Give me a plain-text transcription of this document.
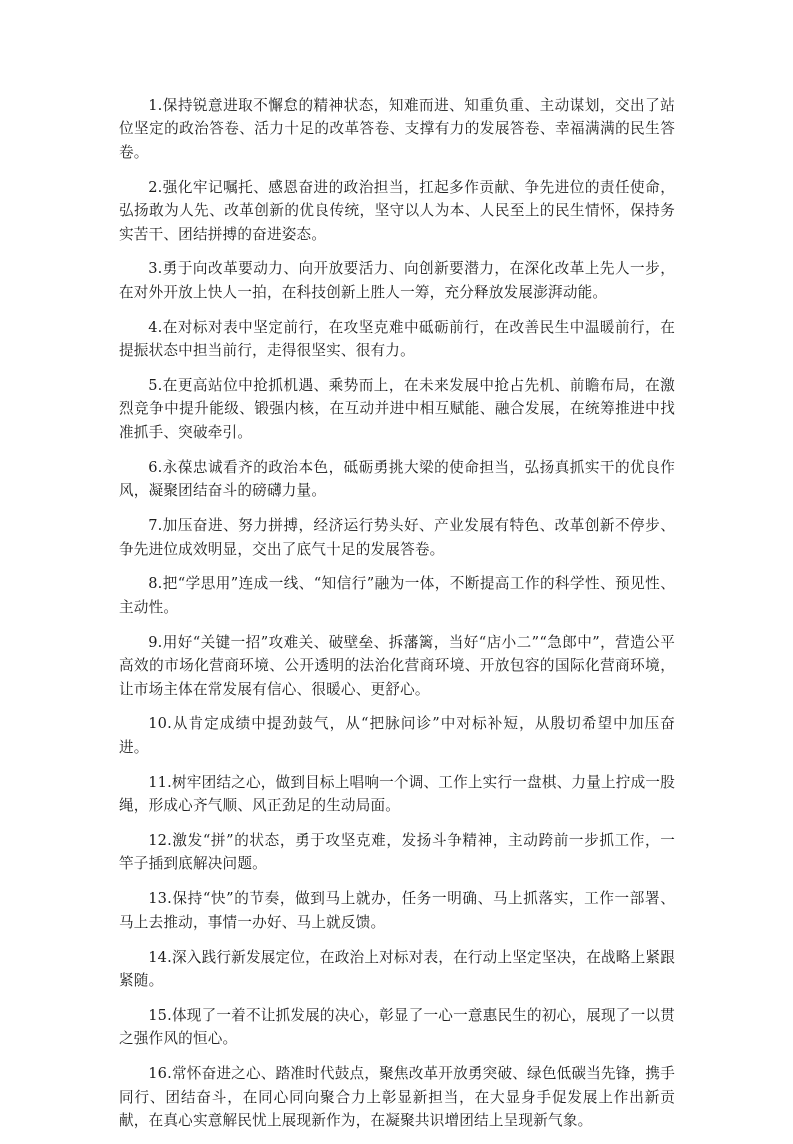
1.保持锐意进取不懈怠的精神状态，知难而进、知重负重、主动谋划，交出了站位坚定的政治答卷、活力十足的改革答卷、支撑有力的发展答卷、幸福满满的民生答卷。

2.强化牢记嘱托、感恩奋进的政治担当，扛起多作贡献、争先进位的责任使命，弘扬敢为人先、改革创新的优良传统，坚守以人为本、人民至上的民生情怀，保持务实苦干、团结拼搏的奋进姿态。

3.勇于向改革要动力、向开放要活力、向创新要潜力，在深化改革上先人一步，在对外开放上快人一拍，在科技创新上胜人一筹，充分释放发展澎湃动能。

4.在对标对表中坚定前行，在攻坚克难中砥砺前行，在改善民生中温暖前行，在提振状态中担当前行，走得很坚实、很有力。

5.在更高站位中抢抓机遇、乘势而上，在未来发展中抢占先机、前瞻布局，在激烈竞争中提升能级、锻强内核，在互动并进中相互赋能、融合发展，在统筹推进中找准抓手、突破牵引。

6.永葆忠诚看齐的政治本色，砥砺勇挑大梁的使命担当，弘扬真抓实干的优良作风，凝聚团结奋斗的磅礴力量。

7.加压奋进、努力拼搏，经济运行势头好、产业发展有特色、改革创新不停步、争先进位成效明显，交出了底气十足的发展答卷。

8.把“学思用”连成一线、“知信行”融为一体，不断提高工作的科学性、预见性、主动性。

9.用好“关键一招”攻难关、破壁垒、拆藩篱，当好“店小二”“急郎中”，营造公平高效的市场化营商环境、公开透明的法治化营商环境、开放包容的国际化营商环境，让市场主体在常发展有信心、很暖心、更舒心。

10.从肯定成绩中提劲鼓气，从“把脉问诊”中对标补短，从殷切希望中加压奋进。

11.树牢团结之心，做到目标上唱响一个调、工作上实行一盘棋、力量上拧成一股绳，形成心齐气顺、风正劲足的生动局面。

12.激发“拼”的状态，勇于攻坚克难，发扬斗争精神，主动跨前一步抓工作，一竿子插到底解决问题。

13.保持“快”的节奏，做到马上就办，任务一明确、马上抓落实，工作一部署、马上去推动，事情一办好、马上就反馈。

14.深入践行新发展定位，在政治上对标对表，在行动上坚定坚决，在战略上紧跟紧随。

15.体现了一着不让抓发展的决心，彰显了一心一意惠民生的初心，展现了一以贯之强作风的恒心。

16.常怀奋进之心、踏准时代鼓点，聚焦改革开放勇突破、绿色低碳当先锋，携手同行、团结奋斗，在同心同向聚合力上彰显新担当，在大显身手促发展上作出新贡献，在真心实意解民忧上展现新作为，在凝聚共识增团结上呈现新气象。
